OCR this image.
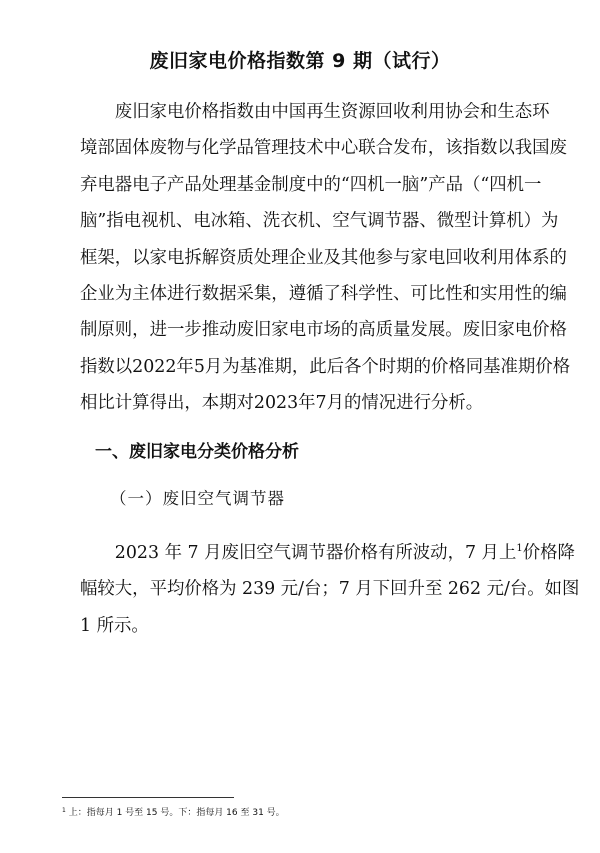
废旧家电价格指数第 9 期（试行）

废旧家电价格指数由中国再生资源回收利用协会和生态环
境部固体废物与化学品管理技术中心联合发布，该指数以我国废
弃电器电子产品处理基金制度中的“四机一脑”产品（“四机一
脑”指电视机、电冰箱、洗衣机、空气调节器、微型计算机）为
框架，以家电拆解资质处理企业及其他参与家电回收利用体系的
企业为主体进行数据采集，遵循了科学性、可比性和实用性的编
制原则，进一步推动废旧家电市场的高质量发展。废旧家电价格
指数以2022年5月为基准期，此后各个时期的价格同基准期价格
相比计算得出，本期对2023年7月的情况进行分析。

一、废旧家电分类价格分析
（一）废旧空气调节器

2023 年 7 月废旧空气调节器价格有所波动，7 月上$^1$价格降
幅较大，平均价格为 239 元/台；7 月下回升至 262 元/台。如图
1 所示。

$^1$ 上：指每月 1 号至 15 号。下：指每月 16 至 31 号。
